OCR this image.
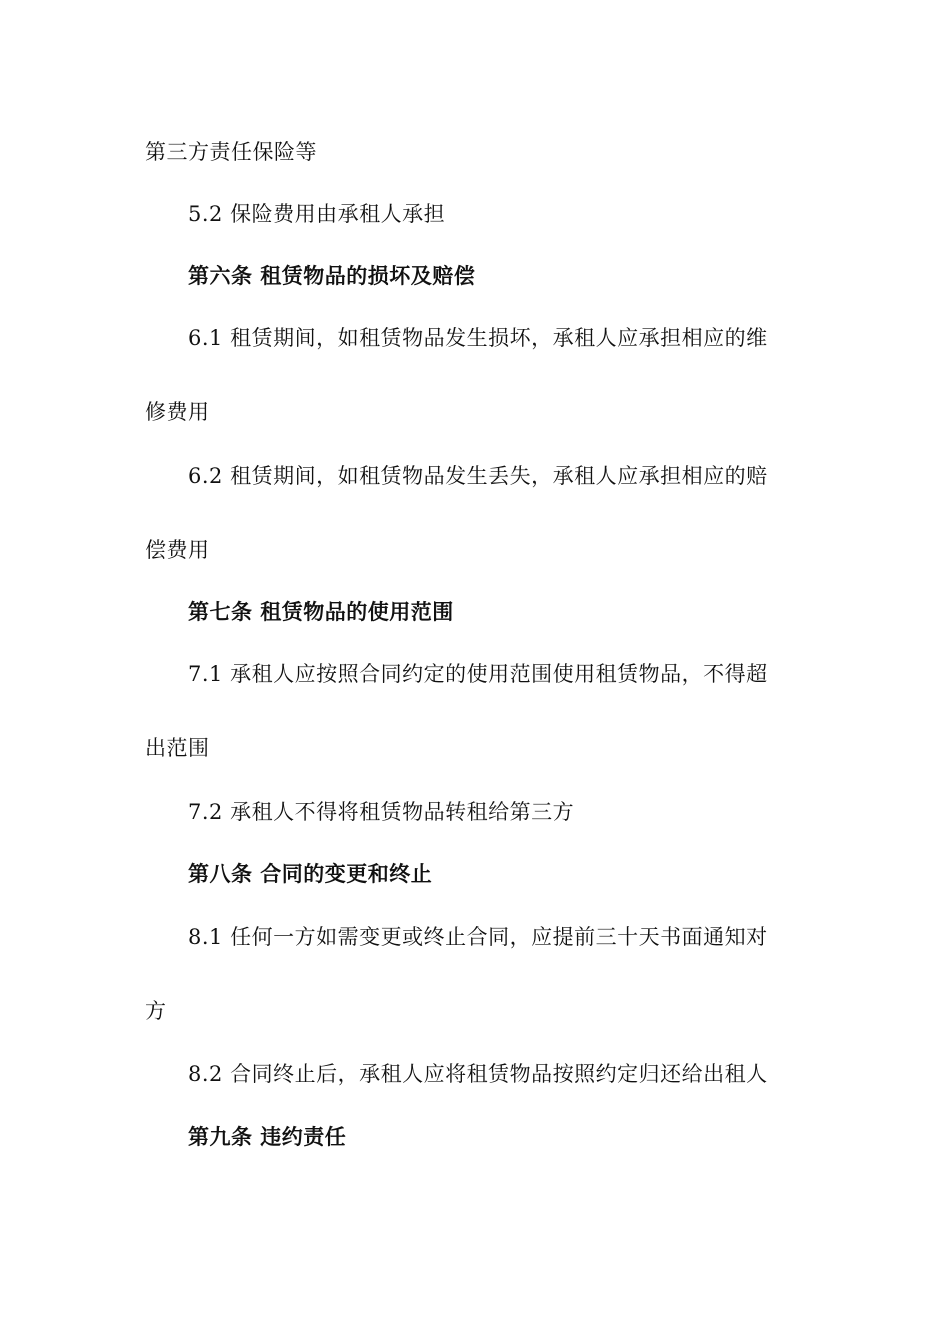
第三方责任保险等
5.2 保险费用由承租人承担
第六条 租赁物品的损坏及赔偿
6.1 租赁期间，如租赁物品发生损坏，承租人应承担相应的维
修费用
6.2 租赁期间，如租赁物品发生丢失，承租人应承担相应的赔
偿费用
第七条 租赁物品的使用范围
7.1 承租人应按照合同约定的使用范围使用租赁物品，不得超
出范围
7.2 承租人不得将租赁物品转租给第三方
第八条 合同的变更和终止
8.1 任何一方如需变更或终止合同，应提前三十天书面通知对
方
8.2 合同终止后，承租人应将租赁物品按照约定归还给出租人
第九条 违约责任
